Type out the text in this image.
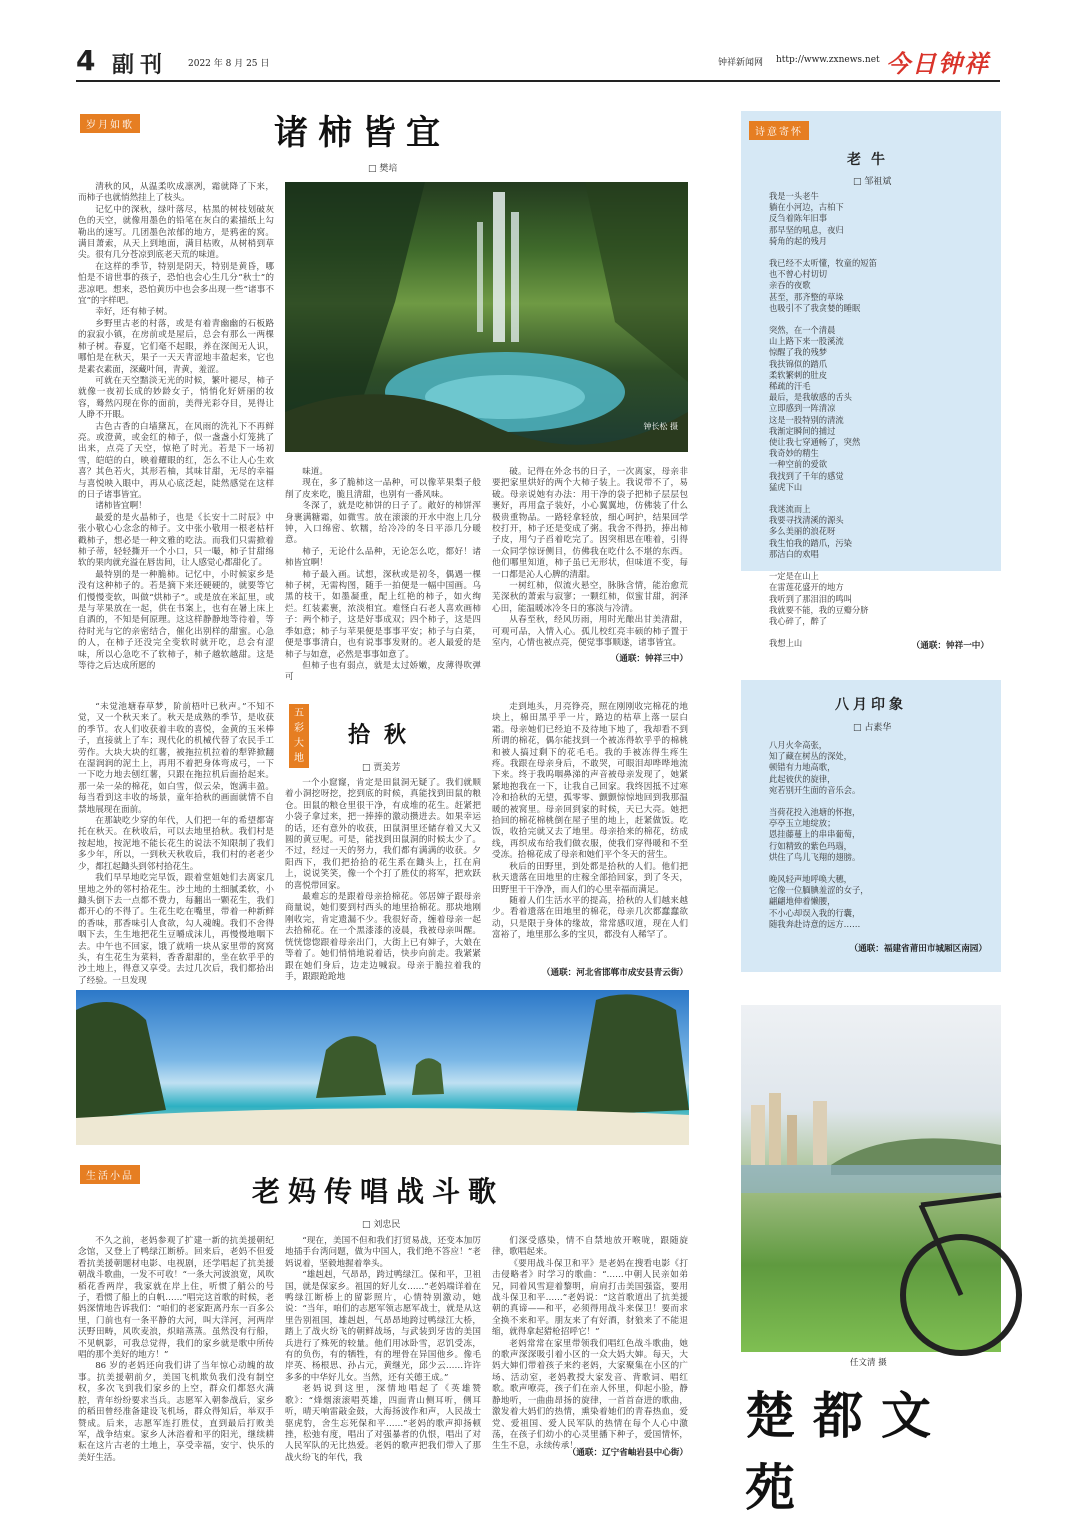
4 副刊 2022 年 8 月 25 日	钟祥新闻网 http://www.zxnews.net 今日钟祥
岁月如歌	诸柿皆宜
□ 樊培
钟长松 摄

清秋的风，从温柔吹成凛冽，霜就降了下来，而柿子也就悄然挂上了枝头。

记忆中的深秋，绿叶落尽，枯黑的树枝划破灰色的天空，就像用墨色的铅笔在灰白的素描纸上勾勒出的速写。几团墨色浓郁的地方，是鸦雀的窝。满目萧索，从天上到地面，满目枯败，从树梢到草尖。很有几分苍凉到底老天荒的味道。

在这样的季节，特别是阴天，特别是黄昏，哪怕是不谙世事的孩子，恐怕也会心生几分“秋士”的悲凉吧。想来，恐怕黄历中也会多出现一些“诸事不宜”的字样吧。

幸好，还有柿子树。

乡野里古老的村落，或是有着青幽幽的石板路的寂寂小镇，在房前或是屋后，总会有那么一两棵柿子树。春夏，它们毫不起眼，养在深闺无人识，哪怕是在秋天，果子一天天青涩地丰盈起来，它也是素衣素面，深藏叶间，青黄，羞涩。

可就在天空黯淡无光的时候，繁叶褪尽，柿子就像一夜初长成的妙龄女子，悄悄化好妍丽的妆容，蓦然闪现在你的面前，美得光彩夺目，晃得让人睁不开眼。

古色古香的白墙黛瓦，在风雨的洗礼下不再鲜亮。或澄黄，或金红的柿子，似一盏盏小灯笼挑了出来，点亮了天空，惊艳了时光。若是下一场初雪，皑皑的白，映着耀眼的红，怎么不让人心生欢喜？其色若火，其形若柚，其味甘甜，无尽的幸福与喜悦映入眼中，再从心底泛起，陡然感觉在这样的日子诸事皆宜。

诸柿皆宜啊！

最爱的是火晶柿子，也是《长安十二时辰》中张小敬心心念念的柿子。文中张小敬用一根老枯杆戳柿子，想必是一种文雅的吃法。而我们只需掀着柿子蒂，轻轻撕开一个小口，只一嘬，柿子甘甜绵软的果肉就充溢在唇齿间，让人感觉心都甜化了。

最特别的是一种脆柿。记忆中，小时候家乡是没有这种柿子的。若是摘下来还硬硬的，就要等它们慢慢变软，叫做“烘柿子”。或是放在米缸里，或是与苹果放在一起，供在书案上，也有在暑上床上自酒的，不知是何原理。这这样静静地等待着，等待时光与它的亲密结合，催化出别样的甜蜜。心急的人，在柿子还没完全变软时就开吃，总会有涩味，所以心急吃不了软柿子，柿子越软越甜。这是等待之后达成所愿的

味道。

现在，多了脆柿这一品种，可以像苹果梨子般削了皮来吃，脆且清甜，也别有一番风味。

冬深了，就是吃柿饼的日子了。敞好的柿饼浑身裹满糖霜，如微雪。放在滚滚的开水中泡上几分钟，入口绵密、软糯，给冷冷的冬日平添几分暖意。

柿子，无论什么品种，无论怎么吃，都好！诸柿皆宜啊！

柿子最入画。试想，深秋或是初冬，偶遇一棵柿子树，无需构图，随手一拍便是一幅中国画。乌黑的枝干，如墨凝重，配上红艳的柿子，如火绚烂。红装素裹，浓淡相宜。难怪白石老人喜欢画柿子：两个柿子，这是好事成双；四个柿子，这是四季如意；柿子与苹果便是事事平安；柿子与白菜，便是事事清白，也有说事事发财的。老人最爱的是柿子与如意，必然是事事如意了。

但柿子也有弱点，就是太过娇嫩，皮薄得吹弹可

破。记得在外念书的日子，一次离家，母亲非要把家里烘好的两个大柿子装上。我说带不了，易破。母亲说她有办法：用干净的袋子把柿子层层包裹好，再用盒子装好，小心翼翼地，仿佛装了什么极贵重物品。一路轻拿轻放，细心呵护，结果回学校打开，柿子还是变成了粥。我舍不得扔，捧出柿子皮，用勺子舀着吃完了。因突相思在唯着，引得一众同学惊讶侧目，仿佛我在吃什么不堪的东西。他们哪里知道，柿子虽已无形状，但味道不变，每一口都是沁人心脾的清甜。

一树红柿，似流火悬空，脉脉含情，能治愈荒芜深秋的萧索与寂寥；一颗红柿，似蜜甘甜，润泽心田，能温暖冰冷冬日的寡淡与冷清。

从春至秋，经风历雨，用时光酿出甘美清甜，可观可品，入情入心。孤儿校红亮丰硕的柿子置于室内，心情也被点亮，便觉事事顺遂，诸事皆宜。

（通联：钟祥三中）

“未觉池塘春草梦，阶前梧叶已秋声。”不知不觉，又一个秋天来了。秋天是成熟的季节，是收获的季节。农人们收获着丰收的喜悦，金黄的玉米棒子，直接就上了车；现代化的机械代替了农民手工劳作。大块大块的红薯，被拖拉机拉着的犁铧掀翻在湿润润的泥土上，再用不着把身体弯成弓，一下一下吃力地去刨红薯，只跟在拖拉机后面拾起来。那一朵一朵的棉花，如白雪，似云朵，饱满丰盈。每当看到这丰收的场景，童年拾秋的画面就情不自禁地展现在面前。

在那缺吃少穿的年代，人们把一年的希望都寄托在秋天。在秋收后，可以去地里拾秋。我们村是按起地，按泥地不能长花生的说法不知限制了我们多少年，所以，一到秋天秋收后，我们村的老老少少，都扛起鋤头到邻村拾花生。

我们早早地吃完早饭，跟着堂姐她们去离家几里地之外的邻村拾花生。沙土地的土细腻柔软，小鋤头倒下去一点都不费力，每翻出一颗花生，我们都开心的不得了。生花生吃在嘴里，带着一种新鲜的香味，那香味引人食欲，勾人魂魄。我们不舍得咽下去，生生地把花生豆嚼成沫儿，再慢慢地咽下去。中午也不回家，饿了就啃一块从家里带的窝窝头，有生花生为菜料，香香甜甜的，坐在软乎乎的沙土地上，得意又享受。去过几次后，我们都拾出了经验。一旦发现

五彩大地
拾秋
□ 贾美芳

一个小窟窿，肯定是田鼠洞无疑了。我们就顺着小洞挖呀挖，挖到底的时候，真能找到田鼠的粮仓。田鼠的粮仓里很干净，有成堆的花生。赶紧把小袋子拿过来，把一捧捧的激动攒进去。如果幸运的话，还有意外的收获，田鼠洞里还储存着又大又圆的黄豆呢。可是，能找到田鼠洞的时候太少了。不过，经过一天的努力，我们都有满满的收获。夕阳西下，我们把拾拾的花生系在鋤头上，扛在肩上，说说笑笑，像一个个打了胜仗的将军，把欢跃的喜悦带回家。

最难忘的是跟着母亲拾棉花。邻居婶子跟母亲商量说，她们要到村西头的地里拾棉花。那块地刚刚收完，肯定遗漏不少。我很好奇，缠着母亲一起去拾棉花。在一个黑漆漆的凌晨，我被母亲叫醒。恍恍惚惚跟着母亲出门，大街上已有婶子，大娘在等着了。她们悄悄地说着话，快步向前走。我紧紧跟在她们身后，边走边喊寂。母亲于脆拉着我的手，跟跟跄跄地

走到地头，月亮铮亮，照在刚刚收完棉花的地块上，棉田黑乎乎一片，路边的枯草上落一层白霜。母亲她们已经迫不及待地下地了，我却看不到所谓的棉花，偶尔能找到一个被冻得软乎乎的棉桃和被人搞过剩下的花毛毛。我的手被冻得生疼生疼。我跟在母亲身后，不敢哭，可眼泪却哗哗地流下来。终于我呜咽鼻涕的声音被母亲发现了，她紧紧地抱我在一下，让我自己回家。我终因抵不过寒冷和拾秋的无望，孤零零、颤颤惊惊地回到我那温暖的被窝里。母亲回到家的时候，天已大亮。她把拾回的棉花棉桃倒在屋子里的地上，赶紧做饭。吃饭，收拾完就又去了地里。母亲拾来的棉花，纺成线，再织成布给我们做衣服，使我们穿得暖和不至受冻。拾棉花成了母亲和她们平个冬天的营生。

秋后的田野里，到处都是拾秋的人们。他们把秋天遗落在田地里的庄稼全部拾回家，到了冬天，田野里干干净净，而人们的心里幸福而满足。

随着人们生活水平的提高，拾秋的人们越来越少。看着遗落在田地里的棉花，母亲几次都蠢蠢欲动，只是限于身体的缘故，常常感叹道，现在人们富裕了，地里那么多的宝贝，都没有人稀罕了。

（通联：河北省邯郸市成安县青云街）
生活小品	老妈传唱战斗歌
□ 刘忠民

不久之前，老妈参观了扩建一新的抗美援朝纪念馆，又登上了鸭绿江断桥。回来后，老妈不但爱看抗美援朝题材电影、电视剧，还学唱起了抗美援朝战斗歌曲，一发不可收！“一条大河波浪宽，风吹稻花香两岸，我家就在岸上住，听惯了艄公的号子，看惯了船上的白帆……”唱完这首歌的时候，老妈深情地告诉我们：“咱们的老家距离丹东一百多公里，门前也有一条平静的大河，叫大洋河，河两岸沃野田畴，风吹麦浪，炽暗蒸蒸。虽然没有行船，不见帆影，可我总觉得，我们的家乡就是歌中所传唱的那个美好的地方！”

86 岁的老妈还向我们讲了当年惊心动魄的故事。抗美援朝前夕，美国飞机欺负我们没有制空权，多次飞到我们家乡的上空，群众们都怒火满腔，青年纷纷要求当兵。志愿军入朝参战后，家乡的稻田曾经准备建设飞机场，群众得知后，举双手赞成。后来，志愿军连打胜仗，直到最后打败美军，战争结束。家乡人沐浴着和平的阳光，继续耕耘在这片古老的土地上，享受幸福，安宁、快乐的美好生活。

“现在，美国不但和我们打贸易战，还变本加厉地插手台湾问题，做为中国人，我们绝不答应！”老妈说着，坚毅地握着拳头。

“雄赳赳，气昂昂，跨过鸭绿江。保和平，卫祖国，就是保家乡。祖国的好儿女……”老妈端详着在鸭绿江断桥上的留影照片，心情特别激动，她说：“当年，咱们的志愿军领志愿军战士，就是从这里告别祖国，雄赳赳，气昂昂地跨过鸭绿江大桥，踏上了战火纷飞的朝鲜战场，与武装到牙齿的美国兵进行了殊死的较量。他们用冰卧雪，忍饥受冻，有的负伤，有的牺牲，有的埋骨在异国他乡。像毛岸英、杨根思、孙占元，黄继光，邱少云……许许多多的中华好儿女。当然，还有关德王成。”

老妈说到这里，深情地唱起了《英雄赞歌》：“烽烟滚滚唱英雄，四面青山侧耳听，侧耳听，晴天响雷敲金鼓，大海扬波作和声，人民战士驱虎豹，舍生忘死保和平……”老妈的歌声抑扬顿挫，松弛有度，唱出了对强暴者的仇恨，唱出了对人民军队的无比热爱。老妈的歌声把我们带入了那战火纷飞的年代，我

们深受感染，情不自禁地放开喉咙，跟随旋律，歌唱起来。

《要用战斗保卫和平》是老妈在搜看电影《打击侵略者》时学习的歌曲：“……中朝人民亲如弟兄，同着风雪迎着黎明，肩肩打击美国强盗，要用战斗保卫和平……”老妈说：“这首歌道出了抗美援朝的真谛——和平，必须得用战斗来保卫！要而求全换不来和平。朋友来了有好酒，豺狼来了不能退缩，就得拿起猎枪招呼它！”

老妈常常在家里带领我们唱红色战斗歌曲，她的歌声深深吸引着小区的一众大妈大婶。每天，大妈大婶们带着孩子来约老妈，大家聚集在小区的广场、活动室，老妈教授大家发音、背歌词、唱红歌。歌声嘹亮，孩子们在亲人怀里，仰起小脸，静静地听，一曲曲昂扬的旋律，一首首奋进的歌曲，激发着大妈们的热情，熏染着她们的青春热血，爱党、爱祖国、爱人民军队的热情在每个人心中激荡，在孩子们幼小的心灵里播下种子，爱国情怀，生生不息，永续传承！

（通联：辽宁省岫岩县中心街）
诗意寄怀
老牛
□ 邹祖斌
我是一头老牛
躺在小河边，古柏下
反刍着陈年旧事
那早坚的吼息，夜归
骑角的起的残月
我已经不太听懂，牧童的短笛
也不曾心村切切
亲吞的夜歌
甚至，那齐整的草垛
也吸引不了我贪婪的睡眠
突然，在一个清晨
山上路下来一股溪流
惊醒了我的残梦
我扶锦似的踏爪
柔软繁刺的肚皮
稀疏的汗毛
最后，是我敏感的舌头
立即感到一阵清凉
这是一股特别的清流
我渐定瞬间的捕过
使让我七穿通畅了，突然
我奇妙的精生
一种空前的爱欲
我找到了千年的感觉
猛虎下山
我迷流而上
我要寻找清溪的源头
多么美丽的浪花呀
我生怕我的踏爪，污染
那洁白的欢唱
一定是在山上
在雷莲花盛开的地方
我听到了那泪泪的鸣叫
我就要不能，我的豆瓣分脐
我心碎了，醉了
我想上山	（通联：钟祥一中）
任文清 摄
楚都文苑
八月印象
□ 占素华
八月火伞高张，
知了藏在树丛的深处，
顿错有力地高歌，
此起彼伏的旋律，
宛若别开生面的音乐会。
当荷花投入池塘的怀抱，
亭亭玉立地绽放；
恩挂藤蔓上的串串葡萄，
行如精致的紫色玛瑙，
烘住了鸟儿飞翔的翅膀。
晚风轻声地呼唤大穗，
它像一位腼腆羞涩的女子，
翩翩地伸着懒腰，
不小心却误入我的行囊，
随我奔赴诗意的远方……
（通联：福建省莆田市城厢区南园）
